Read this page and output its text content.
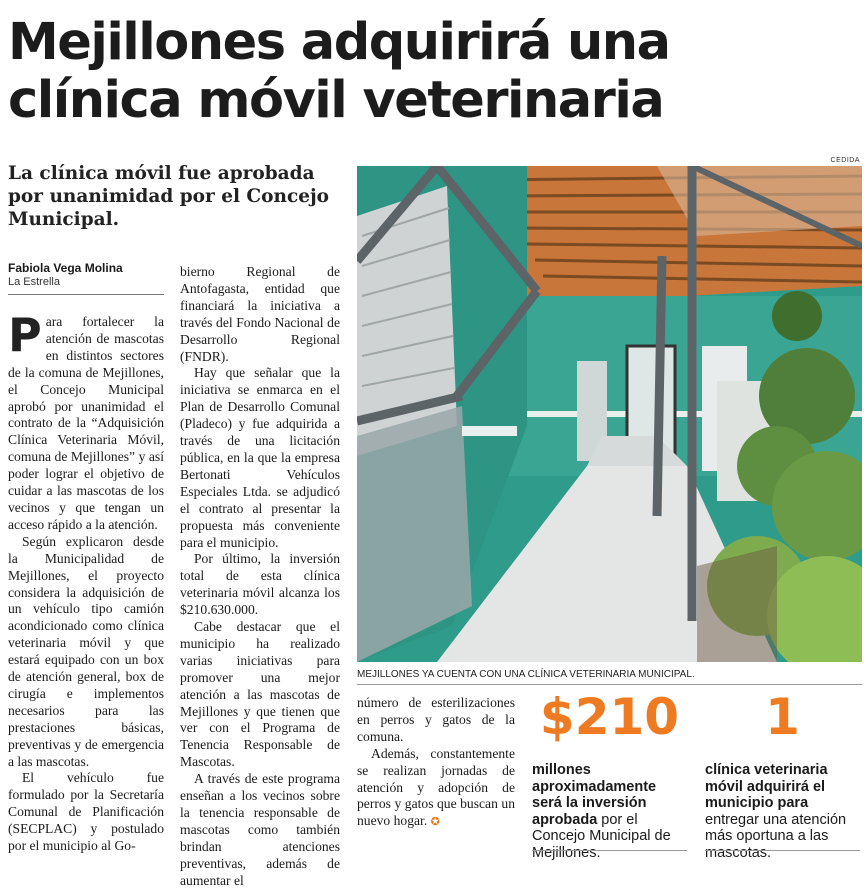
Mejillones adquirirá una clínica móvil veterinaria
La clínica móvil fue aprobada por unanimidad por el Concejo Municipal.
Fabiola Vega Molina
La Estrella

Para fortalecer la atención de mascotas en distintos sectores de la comuna de Mejillones, el Concejo Municipal aprobó por unanimidad el contrato de la “Adquisición Clínica Veterinaria Móvil, comuna de Mejillones” y así poder lograr el objetivo de cuidar a las mascotas de los vecinos y que tengan un acceso rápido a la atención.

Según explicaron desde la Municipalidad de Mejillones, el proyecto considera la adquisición de un vehículo tipo camión acondicionado como clínica veterinaria móvil y que estará equipado con un box de atención general, box de cirugía e implementos necesarios para las prestaciones básicas, preventivas y de emergencia a las mascotas.

El vehículo fue formulado por la Secretaría Comunal de Planificación (SECPLAC) y postulado por el municipio al Go-

bierno Regional de Antofagasta, entidad que financiará la iniciativa a través del Fondo Nacional de Desarrollo Regional (FNDR).

Hay que señalar que la iniciativa se enmarca en el Plan de Desarrollo Comunal (Pladeco) y fue adquirida a través de una licitación pública, en la que la empresa Bertonati Vehículos Especiales Ltda. se adjudicó el contrato al presentar la propuesta más conveniente para el municipio.

Por último, la inversión total de esta clínica veterinaria móvil alcanza los $210.630.000.

Cabe destacar que el municipio ha realizado varias iniciativas para promover una mejor atención a las mascotas de Mejillones y que tienen que ver con el Programa de Tenencia Responsable de Mascotas.

A través de este programa enseñan a los vecinos sobre la tenencia responsable de mascotas como también brindan atenciones preventivas, además de aumentar el

CEDIDA
MEJILLONES YA CUENTA CON UNA CLÍNICA VETERINARIA MUNICIPAL.

número de esterilizaciones en perros y gatos de la comuna.

Además, constantemente se realizan jornadas de atención y adopción de perros y gatos que buscan un nuevo hogar. ✪

$210
millones aproximadamente será la inversión aprobada por el Concejo Municipal de Mejillones.
1
clínica veterinaria móvil adquirirá el municipio para entregar una atención más oportuna a las mascotas.
